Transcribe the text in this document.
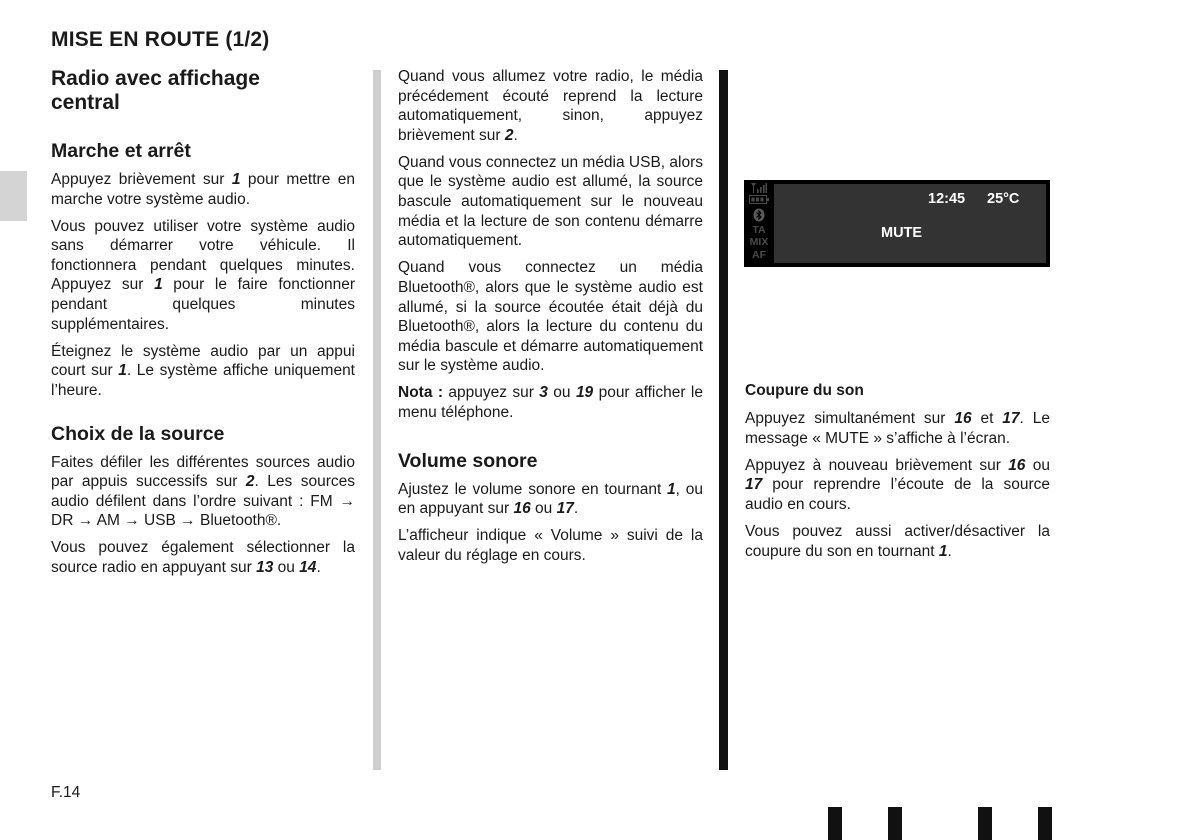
MISE EN ROUTE (1/2)
Radio avec affichage
central
Marche et arrêt

Appuyez brièvement sur 1 pour mettre en marche votre système audio.

Vous pouvez utiliser votre système audio sans démarrer votre véhicule. Il fonctionnera pendant quelques minutes. Appuyez sur 1 pour le faire fonctionner pendant quelques minutes supplémentaires.

Éteignez le système audio par un appui court sur 1. Le système affiche uniquement l’heure.

Choix de la source

Faites défiler les différentes sources audio par appuis successifs sur 2. Les sources audio défilent dans l’ordre suivant : FM → DR → AM → USB → Bluetooth®.

Vous pouvez également sélectionner la source radio en appuyant sur 13 ou 14.

Quand vous allumez votre radio, le média précédement écouté reprend la lecture automatiquement, sinon, appuyez brièvement sur 2.

Quand vous connectez un média USB, alors que le système audio est allumé, la source bascule automatiquement sur le nouveau média et la lecture de son contenu démarre automatiquement.

Quand vous connectez un média Bluetooth®, alors que le système audio est allumé, si la source écoutée était déjà du Bluetooth®, alors la lecture du contenu du média bascule et démarre automatiquement sur le système audio.

Nota : appuyez sur 3 ou 19 pour afficher le menu téléphone.

Volume sonore

Ajustez le volume sonore en tournant 1, ou en appuyant sur 16 ou 17.

L’afficheur indique « Volume » suivi de la valeur du réglage en cours.

TA
MIX
AF
12:45 25°C
MUTE
Coupure du son

Appuyez simultanément sur 16 et 17. Le message « MUTE » s’affiche à l’écran.

Appuyez à nouveau brièvement sur 16 ou 17 pour reprendre l’écoute de la source audio en cours.

Vous pouvez aussi activer/désactiver la coupure du son en tournant 1.

F.14
